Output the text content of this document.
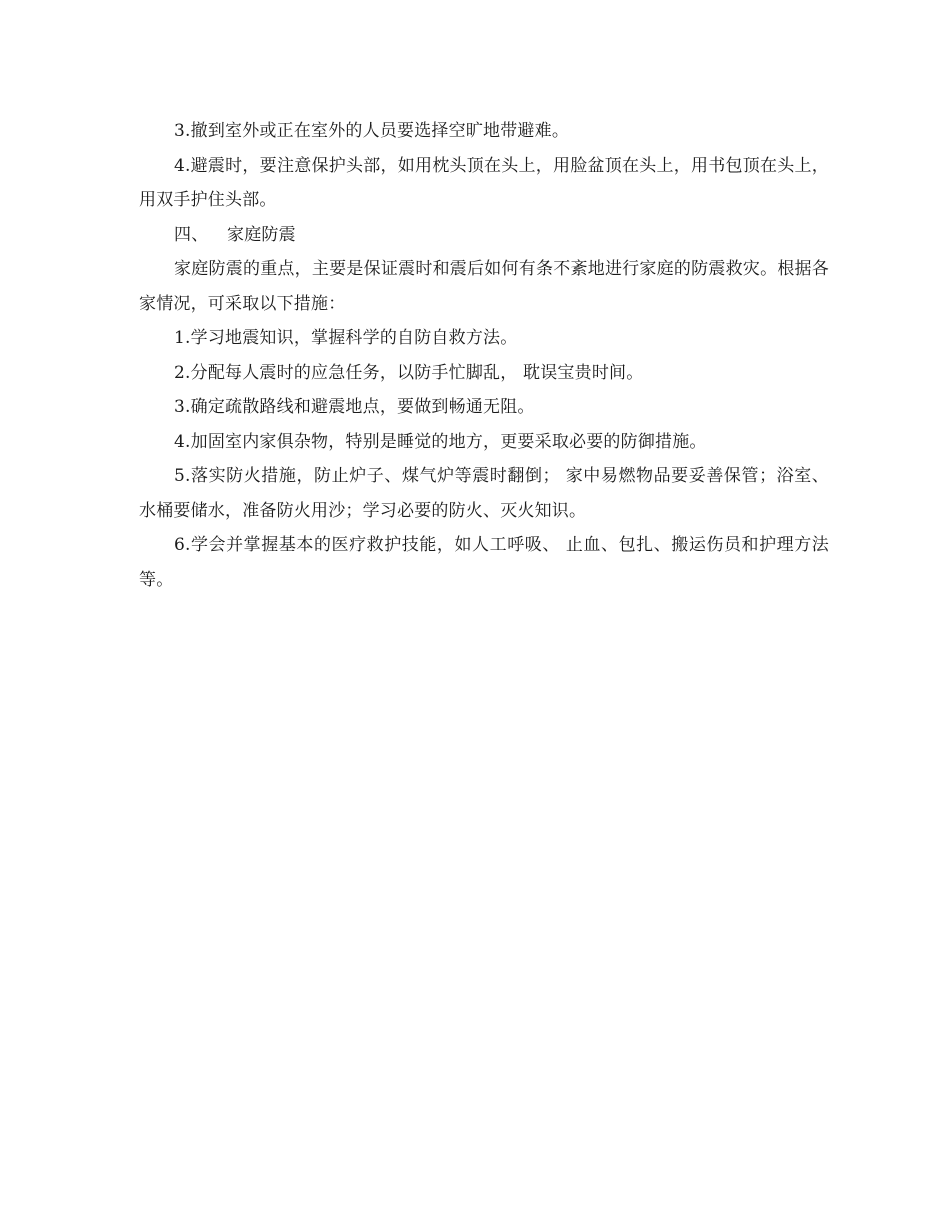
3.撤到室外或正在室外的人员要选择空旷地带避难。

4.避震时，要注意保护头部，如用枕头顶在头上，用脸盆顶在头上，用书包顶在头上，用双手护住头部。

四、 家庭防震

家庭防震的重点，主要是保证震时和震后如何有条不紊地进行家庭的防震救灾。根据各家情况，可采取以下措施：

1.学习地震知识，掌握科学的自防自救方法。

2.分配每人震时的应急任务，以防手忙脚乱， 耽误宝贵时间。

3.确定疏散路线和避震地点，要做到畅通无阻。

4.加固室内家俱杂物，特别是睡觉的地方，更要采取必要的防御措施。

5.落实防火措施，防止炉子、煤气炉等震时翻倒； 家中易燃物品要妥善保管；浴室、水桶要储水，准备防火用沙；学习必要的防火、灭火知识。

6.学会并掌握基本的医疗救护技能，如人工呼吸、 止血、包扎、搬运伤员和护理方法等。
